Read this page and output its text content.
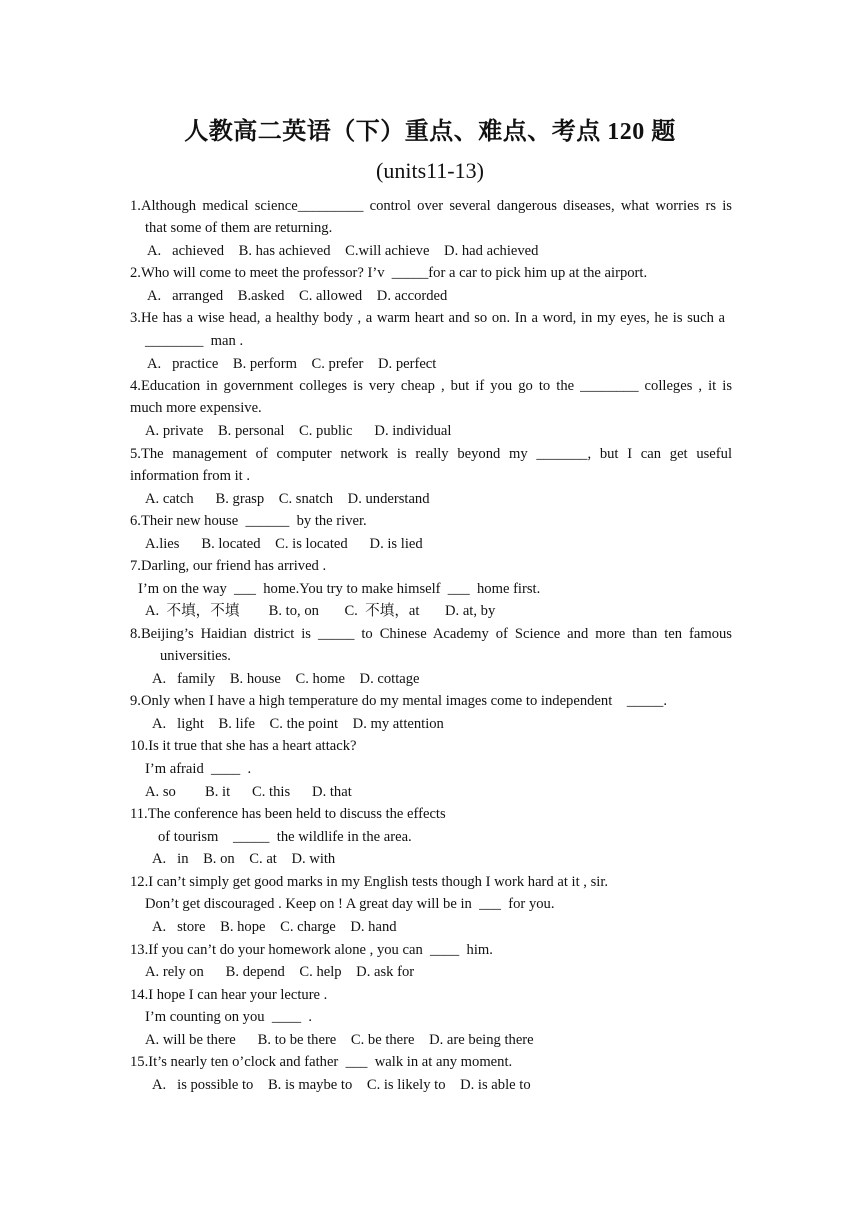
人教高二英语（下）重点、难点、考点 120 题
(units11-13)
1.Although medical science_________ control over several dangerous diseases, what worries rs is
that some of them are returning.
A.   achieved    B. has achieved    C.will achieve    D. had achieved
2.Who will come to meet the professor? I’v  _____for a car to pick him up at the airport.
A.   arranged    B.asked    C. allowed    D. accorded
3.He has a wise head, a healthy body , a warm heart and so on. In a word, in my eyes, he is such a
________  man .
A.   practice    B. perform    C. prefer    D. perfect
4.Education in government colleges is very cheap , but if you go to the ________ colleges , it is
much more expensive.
A. private    B. personal    C. public      D. individual
5.The management of computer network is really beyond my _______, but I can get useful
information from it .
A. catch      B. grasp    C. snatch    D. understand
6.Their new house  ______  by the river.
A.lies      B. located    C. is located      D. is lied
7.Darling, our friend has arrived .
I’m on the way  ___  home.You try to make himself  ___  home first.
A.  不填，不填        B. to, on       C.  不填，at       D. at, by
8.Beijing’s Haidian district is _____ to Chinese Academy of Science and more than ten famous
universities.
A.   family    B. house    C. home    D. cottage
9.Only when I have a high temperature do my mental images come to independent    _____.
A.   light    B. life    C. the point    D. my attention
10.Is it true that she has a heart attack?
I’m afraid  ____  .
A. so        B. it      C. this      D. that
11.The conference has been held to discuss the effects
of tourism    _____  the wildlife in the area.
A.   in    B. on    C. at    D. with
12.I can’t simply get good marks in my English tests though I work hard at it , sir.
Don’t get discouraged . Keep on ! A great day will be in  ___  for you.
A.   store    B. hope    C. charge    D. hand
13.If you can’t do your homework alone , you can  ____  him.
A. rely on      B. depend    C. help    D. ask for
14.I hope I can hear your lecture .
I’m counting on you  ____  .
A. will be there      B. to be there    C. be there    D. are being there
15.It’s nearly ten o’clock and father  ___  walk in at any moment.
A.   is possible to    B. is maybe to    C. is likely to    D. is able to
